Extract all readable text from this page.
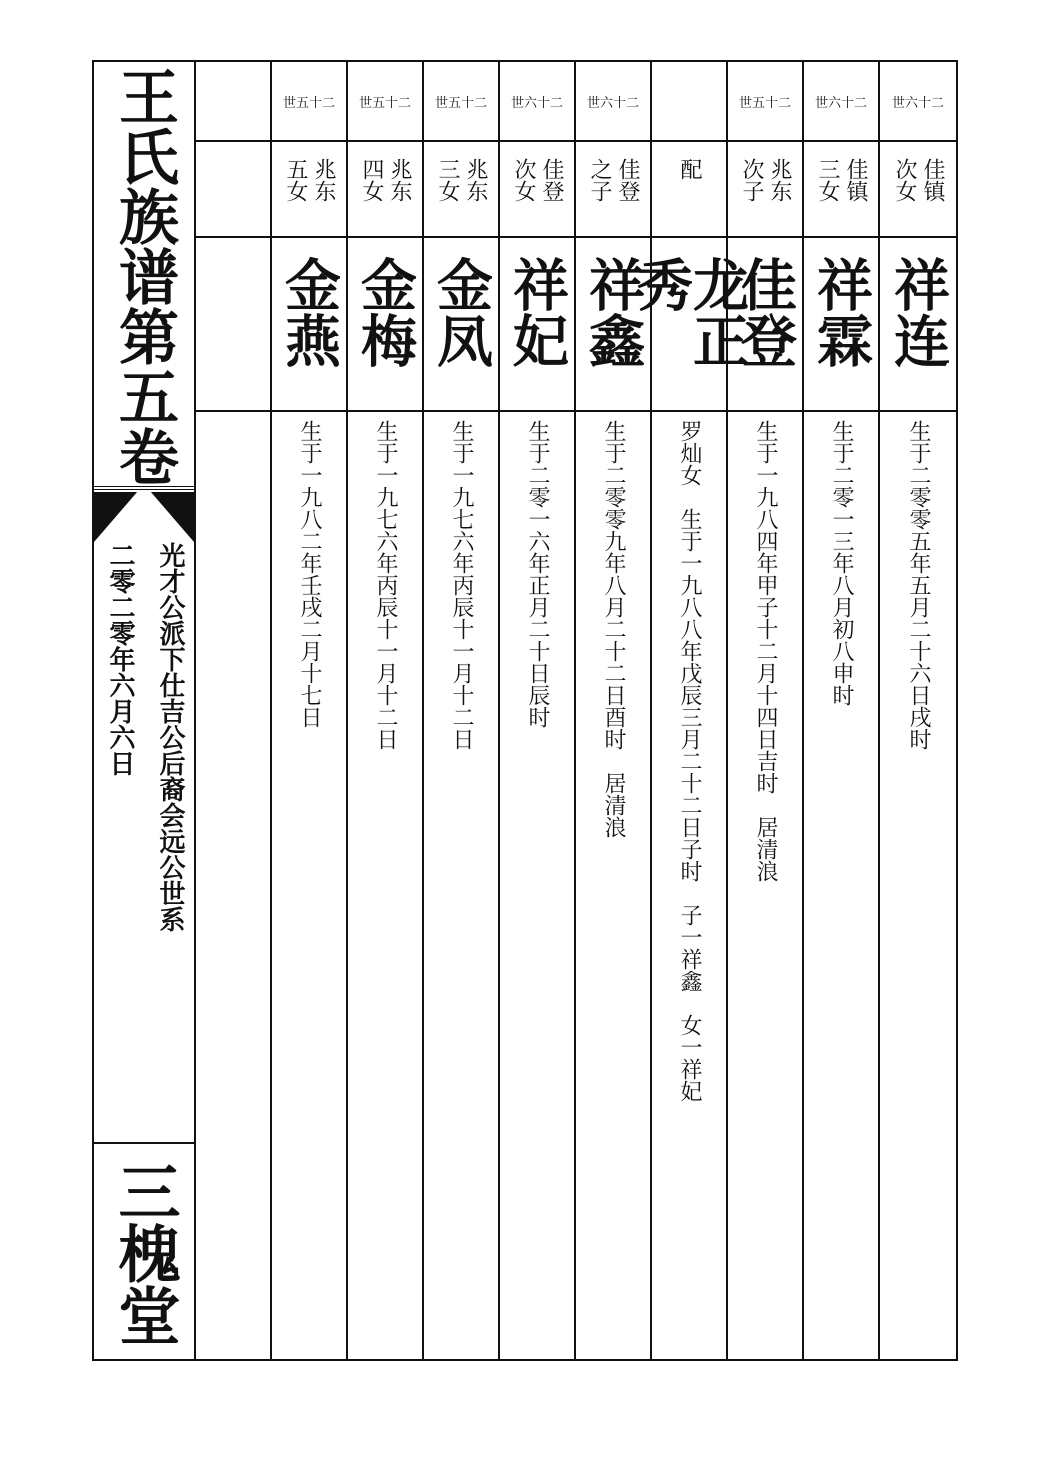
王氏族谱第五卷
光才公派下仕吉公后裔会远公世系
二零二零年六月六日
三槐堂
世五十二
兆东五女
金燕
生于一九八二年壬戌二月十七日
世五十二
兆东四女
金梅
生于一九七六年丙辰十一月十二日
世五十二
兆东三女
金凤
生于一九七六年丙辰十一月十二日
世六十二
佳登次女
祥妃
生于二零一六年正月二十日辰时
世六十二
佳登之子
祥鑫
生于二零零九年八月二十二日酉时　居清浪
配
龙正秀
罗灿女　生于一九八八年戊辰三月二十二日子时　子一祥鑫　女一祥妃
世五十二
兆东次子
佳登
生于一九八四年甲子十二月十四日吉时　居清浪
世六十二
佳镇三女
祥霖
生于二零一三年八月初八申时
世六十二
佳镇次女
祥连
生于二零零五年五月二十六日戌时
